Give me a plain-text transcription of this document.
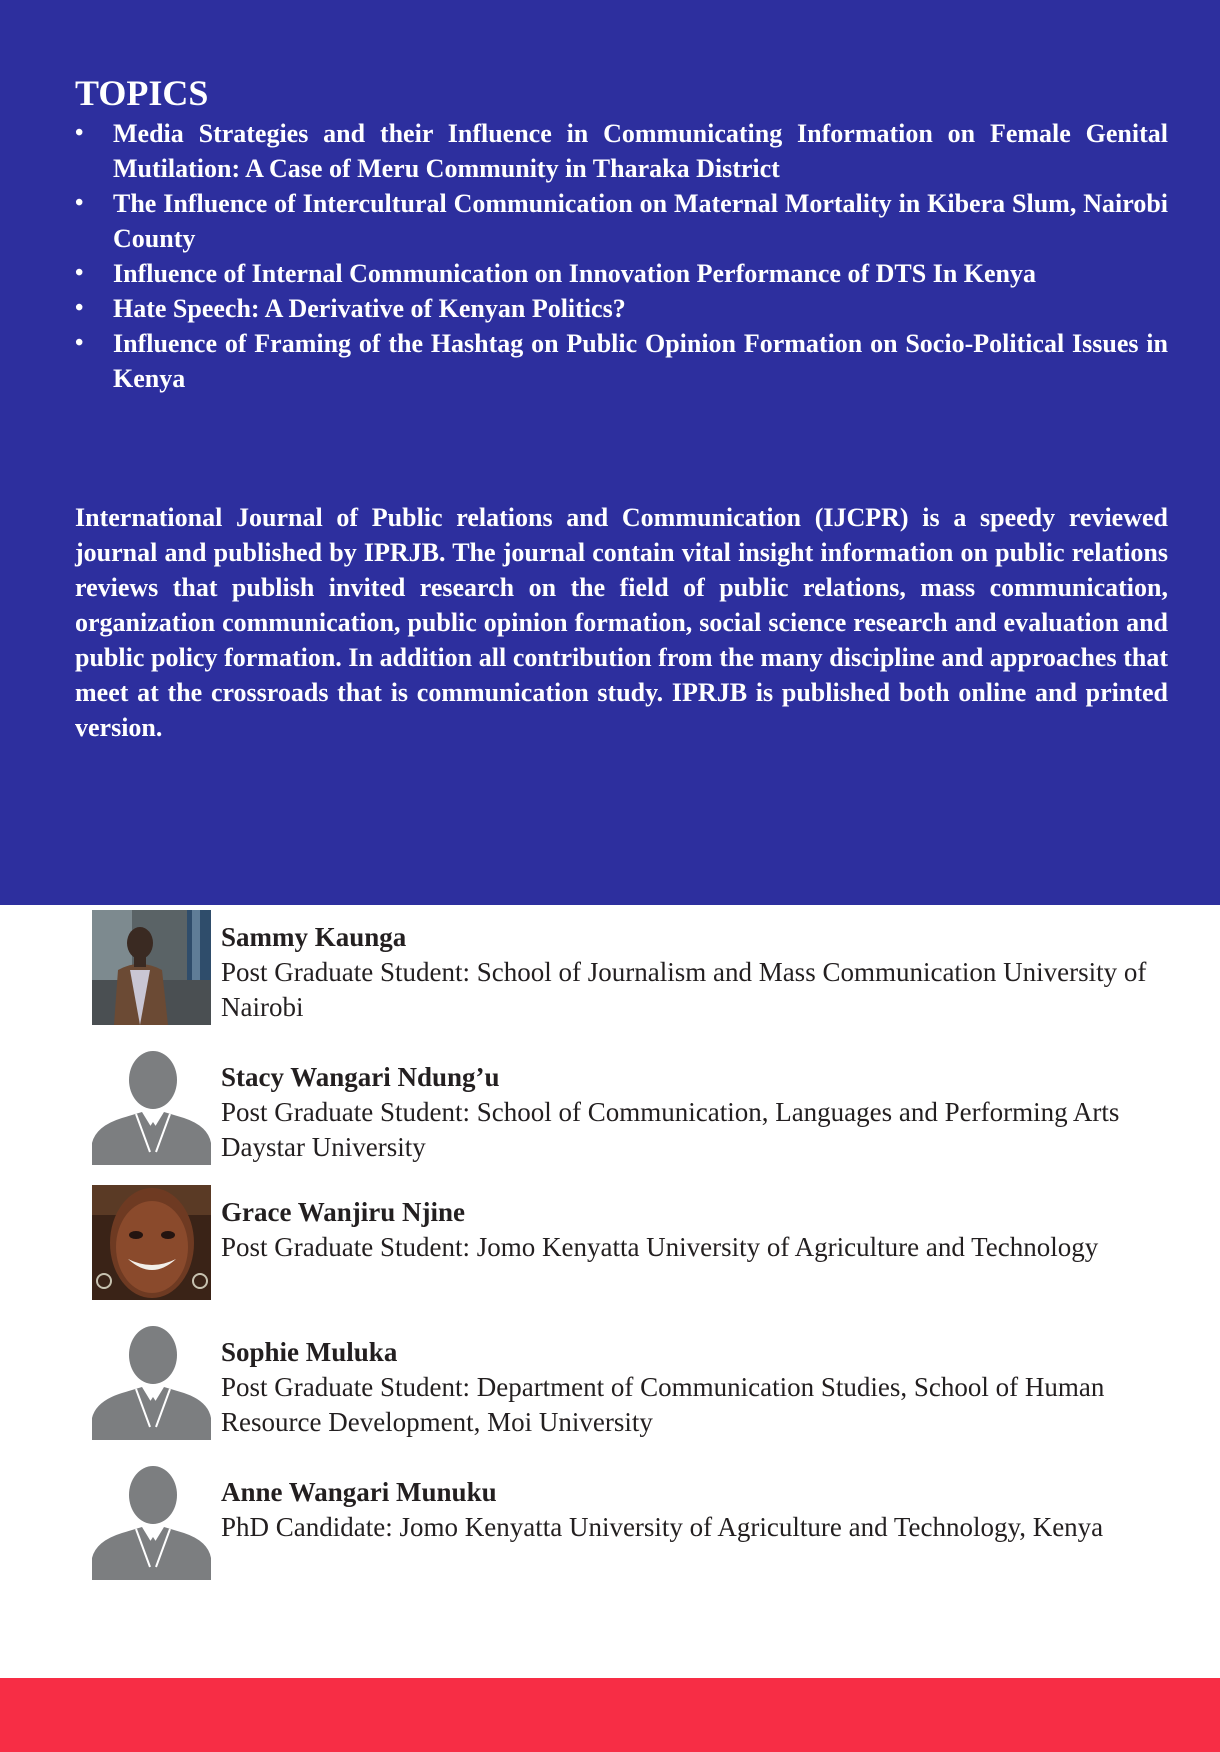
TOPICS
• Media Strategies and their Influence in Communicating Information on Female Genital Mutilation: A Case of Meru Community in Tharaka District
• The Influence of Intercultural Communication on Maternal Mortality in Kibera Slum, Nairobi County
• Influence of Internal Communication on Innovation Performance of DTS In Kenya
• Hate Speech: A Derivative of Kenyan Politics?
• Influence of Framing of the Hashtag on Public Opinion Formation on Socio-Political Issues in Kenya

International Journal of Public relations and Communication (IJCPR) is a speedy reviewed journal and published by IPRJB. The journal contain vital insight information on public relations reviews that publish invited research on the field of public relations, mass communication, organization communication, public opinion formation, social science research and evaluation and public policy formation. In addition all contribution from the many discipline and approaches that meet at the crossroads that is communication study. IPRJB is published both online and printed version.

Sammy Kaunga
Post Graduate Student: School of Journalism and Mass Communication University of Nairobi
Stacy Wangari Ndung’u
Post Graduate Student: School of Communication, Languages and Performing Arts Daystar University
Grace Wanjiru Njine
Post Graduate Student: Jomo Kenyatta University of Agriculture and Technology
Sophie Muluka
Post Graduate Student: Department of Communication Studies, School of Human Resource Development, Moi University
Anne Wangari Munuku
PhD Candidate: Jomo Kenyatta University of Agriculture and Technology, Kenya
